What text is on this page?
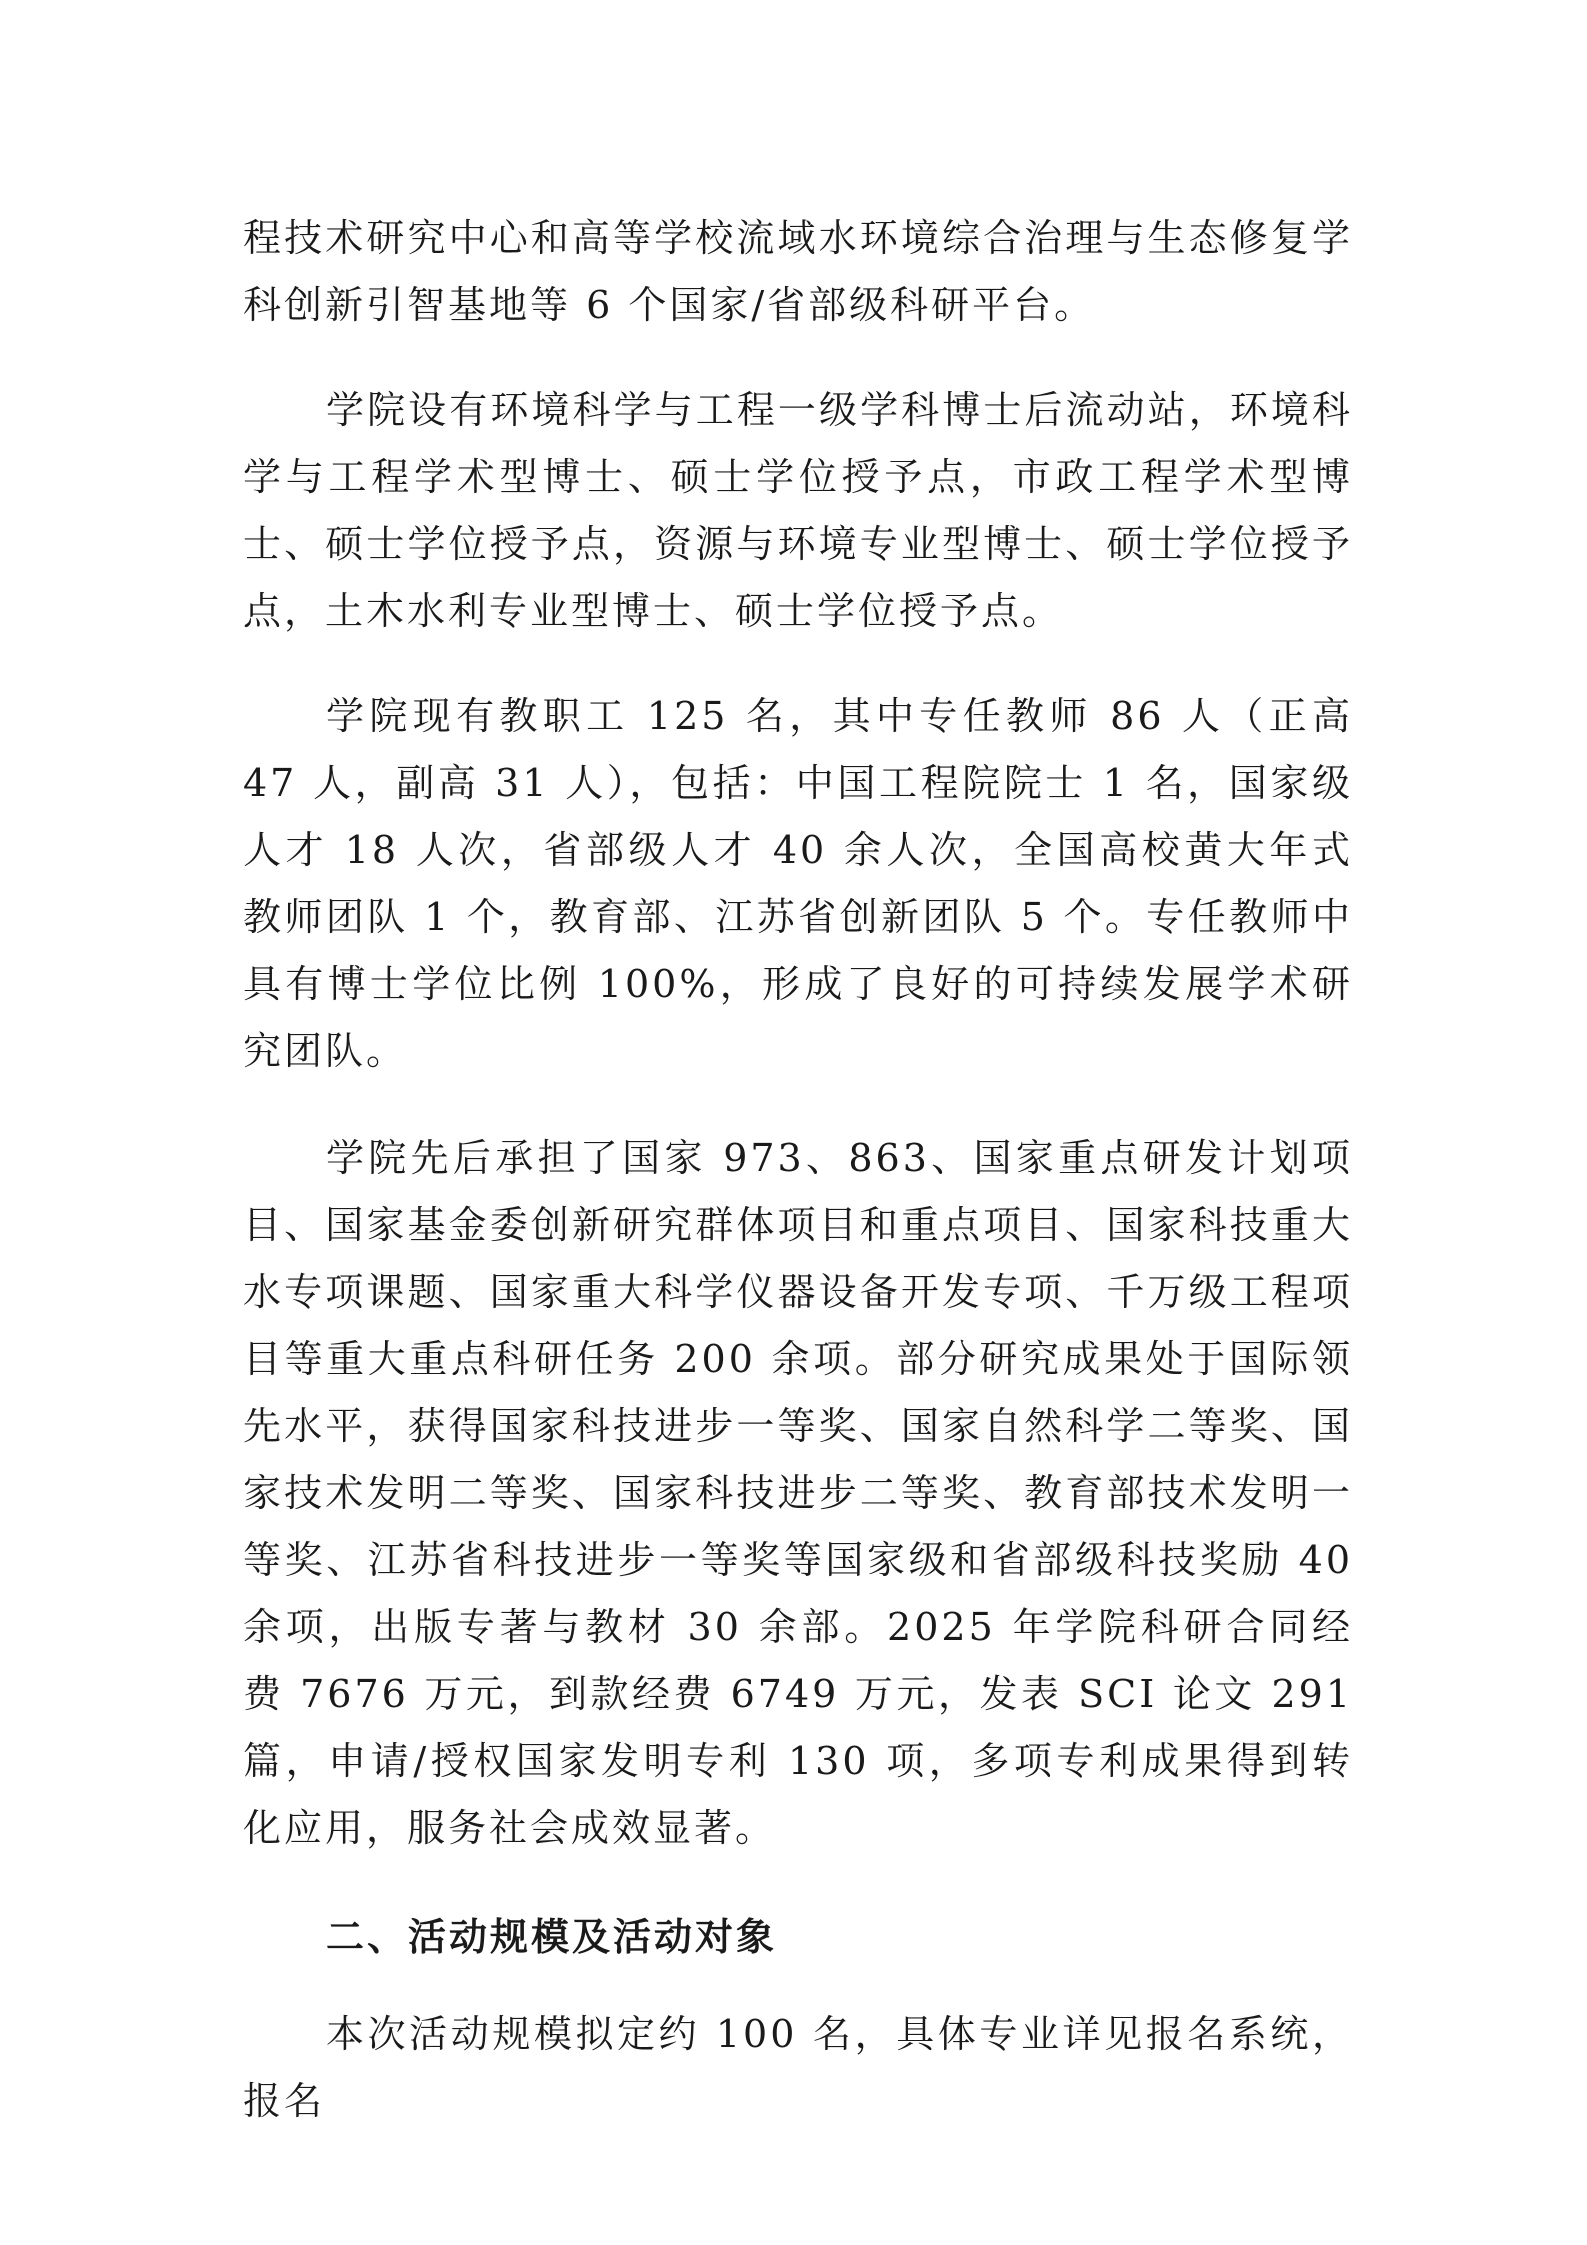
程技术研究中心和高等学校流域水环境综合治理与生态修复学科创新引智基地等 6 个国家/省部级科研平台。

学院设有环境科学与工程一级学科博士后流动站，环境科学与工程学术型博士、硕士学位授予点，市政工程学术型博士、硕士学位授予点，资源与环境专业型博士、硕士学位授予点，土木水利专业型博士、硕士学位授予点。

学院现有教职工 125 名，其中专任教师 86 人（正高 47 人，副高 31 人），包括：中国工程院院士 1 名，国家级人才 18 人次，省部级人才 40 余人次，全国高校黄大年式教师团队 1 个，教育部、江苏省创新团队 5 个。专任教师中具有博士学位比例 100%，形成了良好的可持续发展学术研究团队。

学院先后承担了国家 973、863、国家重点研发计划项目、国家基金委创新研究群体项目和重点项目、国家科技重大水专项课题、国家重大科学仪器设备开发专项、千万级工程项目等重大重点科研任务 200 余项。部分研究成果处于国际领先水平，获得国家科技进步一等奖、国家自然科学二等奖、国家技术发明二等奖、国家科技进步二等奖、教育部技术发明一等奖、江苏省科技进步一等奖等国家级和省部级科技奖励 40 余项，出版专著与教材 30 余部。2025 年学院科研合同经费 7676 万元，到款经费 6749 万元，发表 SCI 论文 291 篇，申请/授权国家发明专利 130 项，多项专利成果得到转化应用，服务社会成效显著。

二、活动规模及活动对象

本次活动规模拟定约 100 名，具体专业详见报名系统，报名
